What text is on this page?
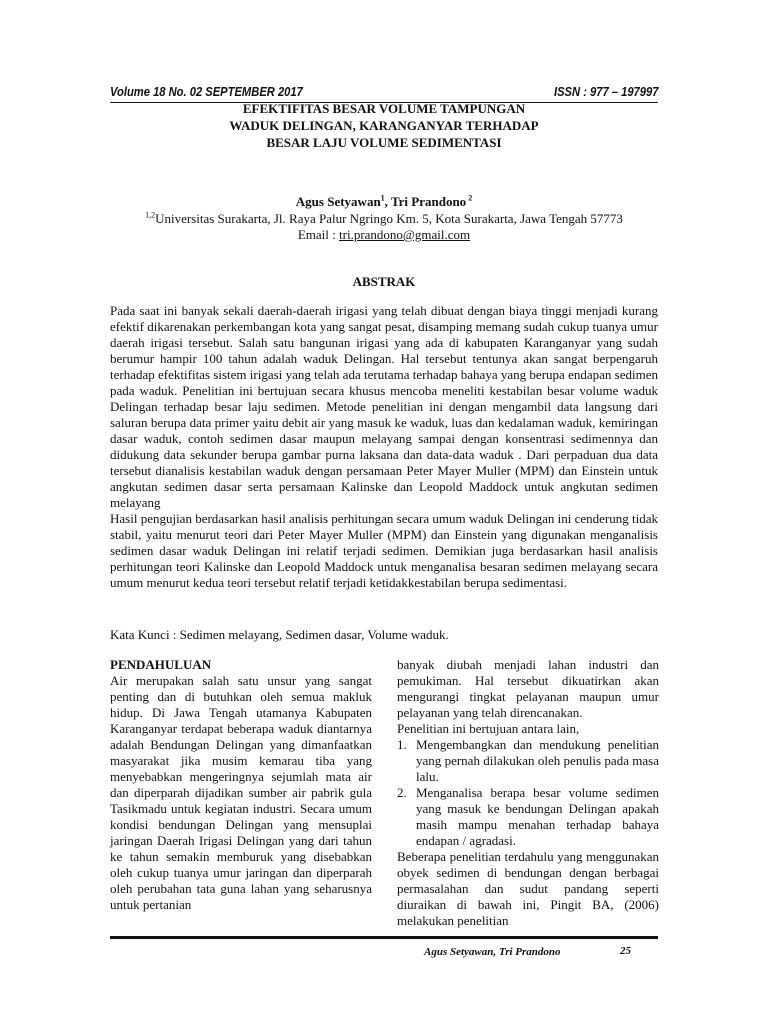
Volume 18 No. 02 SEPTEMBER 2017	ISSN : 977 – 197997
EFEKTIFITAS BESAR VOLUME TAMPUNGAN
WADUK DELINGAN, KARANGANYAR TERHADAP
BESAR LAJU VOLUME SEDIMENTASI
Agus Setyawan$^1$, Tri Prandono $^2$
$^{1,2}$Universitas Surakarta, Jl. Raya Palur Ngringo Km. 5, Kota Surakarta, Jawa Tengah 57773
Email : tri.prandono@gmail.com
ABSTRAK

Pada saat ini banyak sekali daerah-daerah irigasi yang telah dibuat dengan biaya tinggi menjadi kurang efektif dikarenakan perkembangan kota yang sangat pesat, disamping memang sudah cukup tuanya umur daerah irigasi tersebut. Salah satu bangunan irigasi yang ada di kabupaten Karanganyar yang sudah berumur hampir 100 tahun adalah waduk Delingan. Hal tersebut tentunya akan sangat berpengaruh terhadap efektifitas sistem irigasi yang telah ada terutama terhadap bahaya yang berupa endapan sedimen pada waduk. Penelitian ini bertujuan secara khusus mencoba meneliti kestabilan besar volume waduk Delingan terhadap besar laju sedimen. Metode penelitian ini dengan mengambil data langsung dari saluran berupa data primer yaitu debit air yang masuk ke waduk, luas dan kedalaman waduk, kemiringan dasar waduk, contoh sedimen dasar maupun melayang sampai dengan konsentrasi sedimennya dan didukung data sekunder berupa gambar purna laksana dan data-data waduk . Dari perpaduan dua data tersebut dianalisis kestabilan waduk dengan persamaan Peter Mayer Muller (MPM) dan Einstein untuk angkutan sedimen dasar serta persamaan Kalinske dan Leopold Maddock untuk angkutan sedimen melayang

Hasil pengujian berdasarkan hasil analisis perhitungan secara umum waduk Delingan ini cenderung tidak stabil, yaitu menurut teori dari Peter Mayer Muller (MPM) dan Einstein yang digunakan menganalisis sedimen dasar waduk Delingan ini relatif terjadi sedimen. Demikian juga berdasarkan hasil analisis perhitungan teori Kalinske dan Leopold Maddock untuk menganalisa besaran sedimen melayang secara umum menurut kedua teori tersebut relatif terjadi ketidakkestabilan berupa sedimentasi.

Kata Kunci : Sedimen melayang, Sedimen dasar, Volume waduk.
PENDAHULUAN

Air merupakan salah satu unsur yang sangat penting dan di butuhkan oleh semua makluk hidup. Di Jawa Tengah utamanya Kabupaten Karanganyar terdapat beberapa waduk diantarnya adalah Bendungan Delingan yang dimanfaatkan masyarakat jika musim kemarau tiba yang menyebabkan mengeringnya sejumlah mata air dan diperparah dijadikan sumber air pabrik gula Tasikmadu untuk kegiatan industri. Secara umum kondisi bendungan Delingan yang mensuplai jaringan Daerah Irigasi Delingan yang dari tahun ke tahun semakin memburuk yang disebabkan oleh cukup tuanya umur jaringan dan diperparah oleh perubahan tata guna lahan yang seharusnya untuk pertanian

banyak diubah menjadi lahan industri dan pemukiman. Hal tersebut dikuatirkan akan mengurangi tingkat pelayanan maupun umur pelayanan yang telah direncanakan.

Penelitian ini bertujuan antara lain,

1. Mengembangkan dan mendukung penelitian yang pernah dilakukan oleh penulis pada masa lalu.
2. Menganalisa berapa besar volume sedimen yang masuk ke bendungan Delingan apakah masih mampu menahan terhadap bahaya endapan / agradasi.

Beberapa penelitian terdahulu yang menggunakan obyek sedimen di bendungan dengan berbagai permasalahan dan sudut pandang seperti diuraikan di bawah ini, Pingit BA, (2006) melakukan penelitian

Agus Setyawan, Tri Prandono	25
